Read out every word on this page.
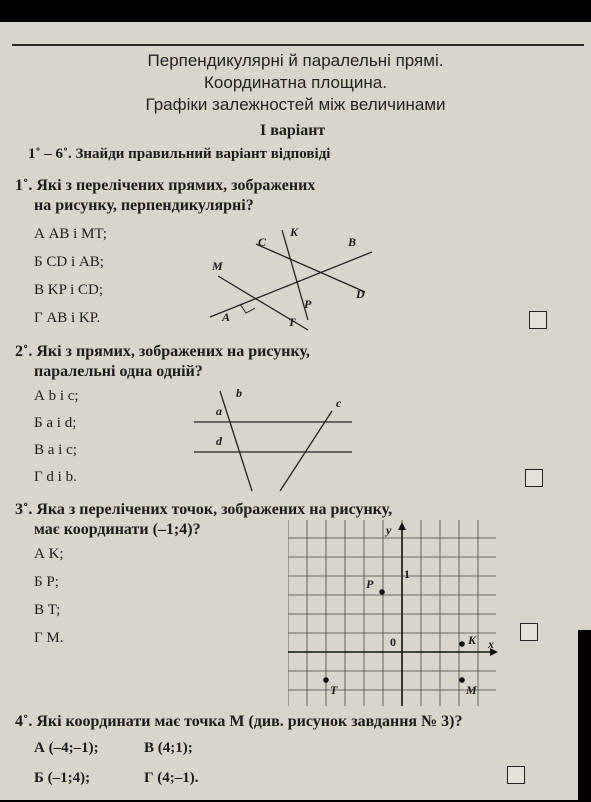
Перпендикулярні й паралельні прямі.
Координатна площина.
Графіки залежностей між величинами
I варіант
1˚ – 6˚. Знайди правильний варіант відповіді
1˚. Які з перелічених прямих, зображених
на рисунку, перпендикулярні?
А AB і MT;
Б CD і AB;
В KP і CD;
Г AB і KP.
C
K
B
M
D
A
P
T
2˚. Які з прямих, зображених на рисунку,
паралельні одна одній?
А b і c;
Б a і d;
В a і c;
Г d і b.
a
d
b
c
3˚. Яка з перелічених точок, зображених на рисунку,
має координати (–1;4)?
А K;
Б P;
В T;
Г M.
y
x
0
1
P
K
T	M
4˚. Які координати має точка M (див. рисунок завдання № 3)?
А (–4;–1);	В (4;1);
Б (–1;4);	Г (4;–1).
